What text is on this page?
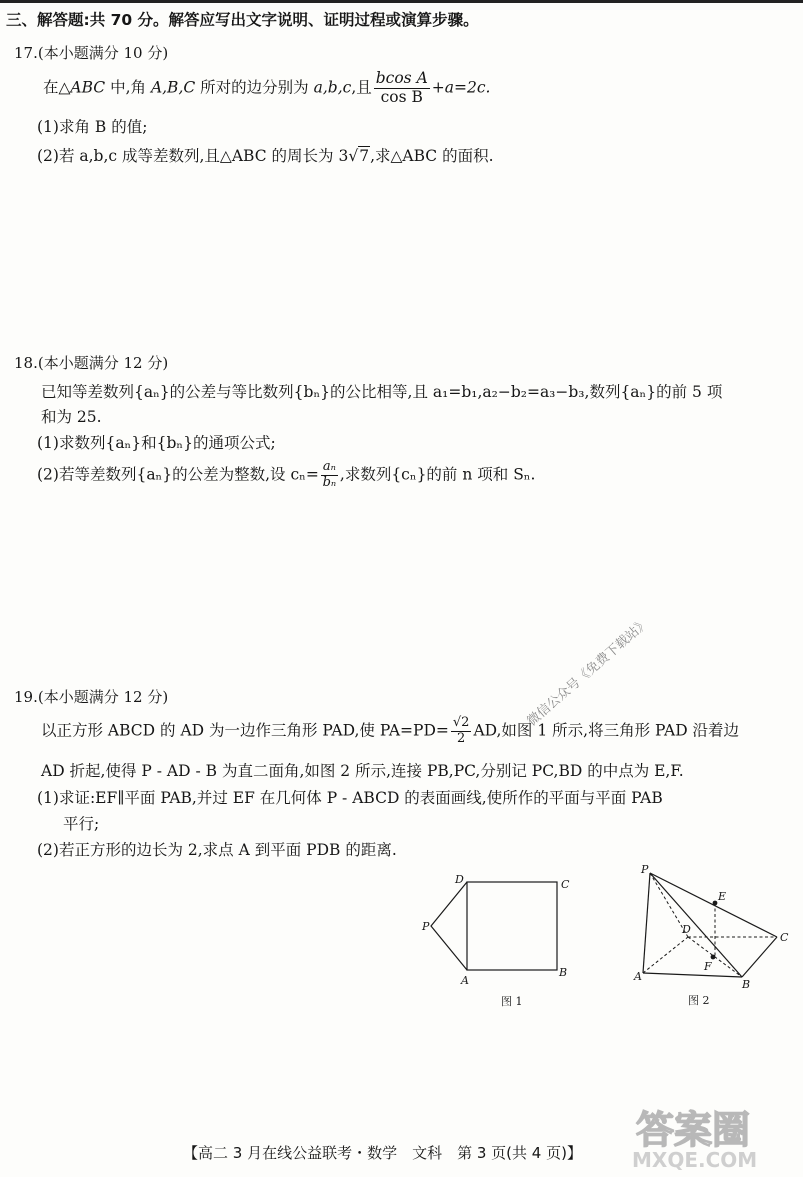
三、解答题:共 70 分。解答应写出文字说明、证明过程或演算步骤。
17.(本小题满分 10 分)
在△ABC 中,角 A,B,C 所对的边分别为 a,b,c,且 $\frac{\text{bcos A}}{\text{cos B}} +a=2c$.
(1)求角 B 的值;
(2)若 a,b,c 成等差数列,且△ABC 的周长为 3√7,求△ABC 的面积.
18.(本小题满分 12 分)
已知等差数列{aₙ}的公差与等比数列{bₙ}的公比相等,且 a₁=b₁,a₂−b₂=a₃−b₃,数列{aₙ}的前 5 项
和为 25.
(1)求数列{aₙ}和{bₙ}的通项公式;
(2)若等差数列{aₙ}的公差为整数,设 $c_n= \frac{\text{aₙ}}{\text{bₙ}}$ ,求数列{cₙ}的前 n 项和 Sₙ.
微信公众号《免费下载站》
19.(本小题满分 12 分)
以正方形 ABCD 的 AD 为一边作三角形 PAD,使 $PA=PD= \frac{√2}{2}$ AD,如图 1 所示,将三角形 PAD 沿着边
AD 折起,使得 P - AD - B 为直二面角,如图 2 所示,连接 PB,PC,分别记 PC,BD 的中点为 E,F.
(1)求证:EF∥平面 PAB,并过 EF 在几何体 P - ABCD 的表面画线,使所作的平面与平面 PAB
平行;
(2)若正方形的边长为 2,求点 A 到平面 PDB 的距离.
D	C
P
A
B
图 1
P
E
D
C
F
A
B
图 2
答案圈
MXQE.COM
【高二 3 月在线公益联考・数学　文科　第 3 页(共 4 页)】
